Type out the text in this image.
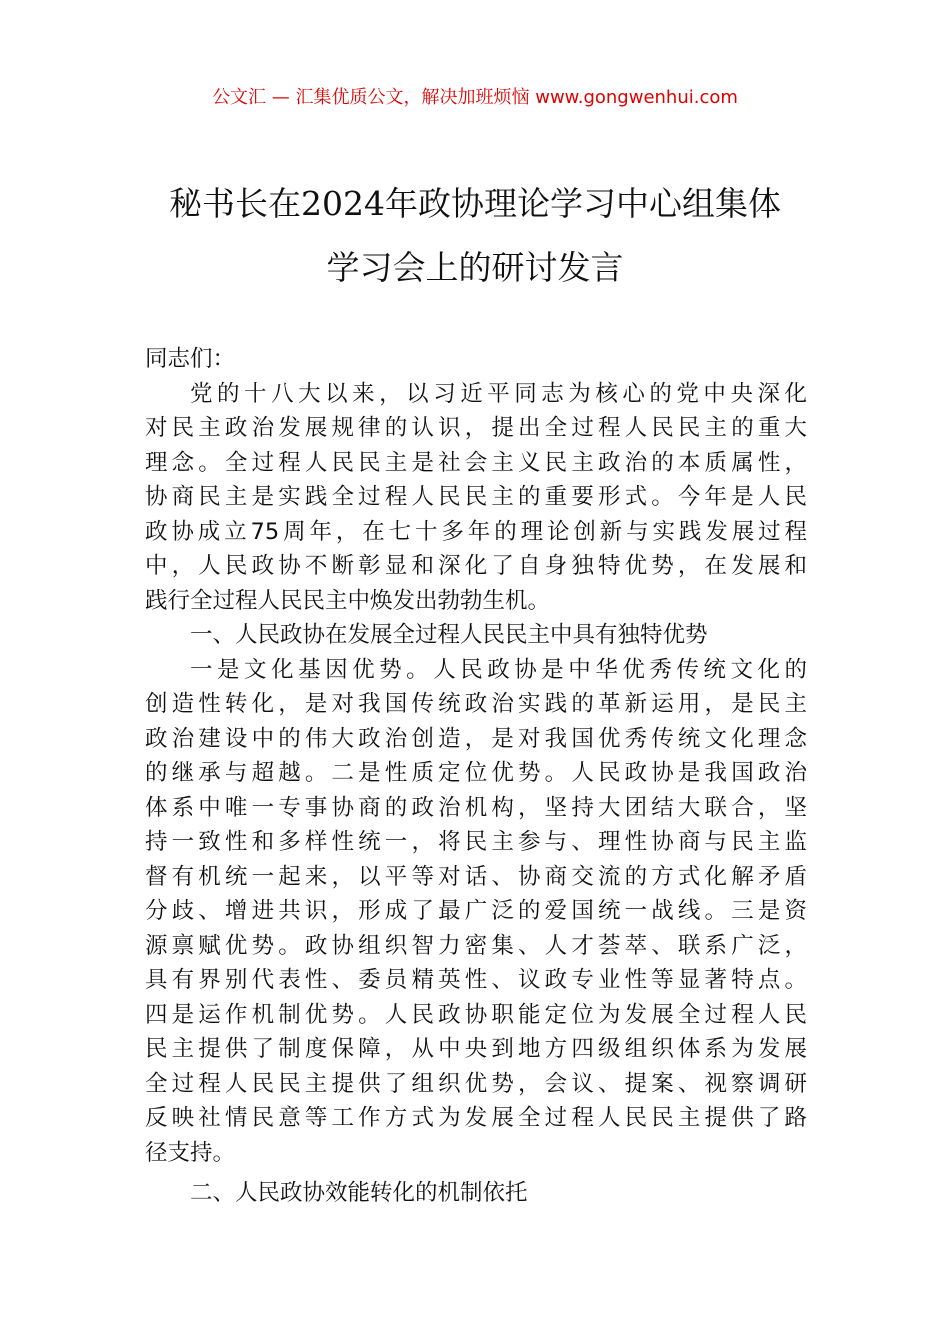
公文汇 — 汇集优质公文，解决加班烦恼 www.gongwenhui.com
秘书长在2024年政协理论学习中心组集体
学习会上的研讨发言
同志们：
党的十八大以来，以习近平同志为核心的党中央深化
对民主政治发展规律的认识，提出全过程人民民主的重大
理念。全过程人民民主是社会主义民主政治的本质属性，
协商民主是实践全过程人民民主的重要形式。今年是人民
政协成立75周年，在七十多年的理论创新与实践发展过程
中，人民政协不断彰显和深化了自身独特优势，在发展和
践行全过程人民民主中焕发出勃勃生机。
一、人民政协在发展全过程人民民主中具有独特优势
一是文化基因优势。人民政协是中华优秀传统文化的
创造性转化，是对我国传统政治实践的革新运用，是民主
政治建设中的伟大政治创造，是对我国优秀传统文化理念
的继承与超越。二是性质定位优势。人民政协是我国政治
体系中唯一专事协商的政治机构，坚持大团结大联合，坚
持一致性和多样性统一，将民主参与、理性协商与民主监
督有机统一起来，以平等对话、协商交流的方式化解矛盾
分歧、增进共识，形成了最广泛的爱国统一战线。三是资
源禀赋优势。政协组织智力密集、人才荟萃、联系广泛，
具有界别代表性、委员精英性、议政专业性等显著特点。
四是运作机制优势。人民政协职能定位为发展全过程人民
民主提供了制度保障，从中央到地方四级组织体系为发展
全过程人民民主提供了组织优势，会议、提案、视察调研
反映社情民意等工作方式为发展全过程人民民主提供了路
径支持。
二、人民政协效能转化的机制依托
